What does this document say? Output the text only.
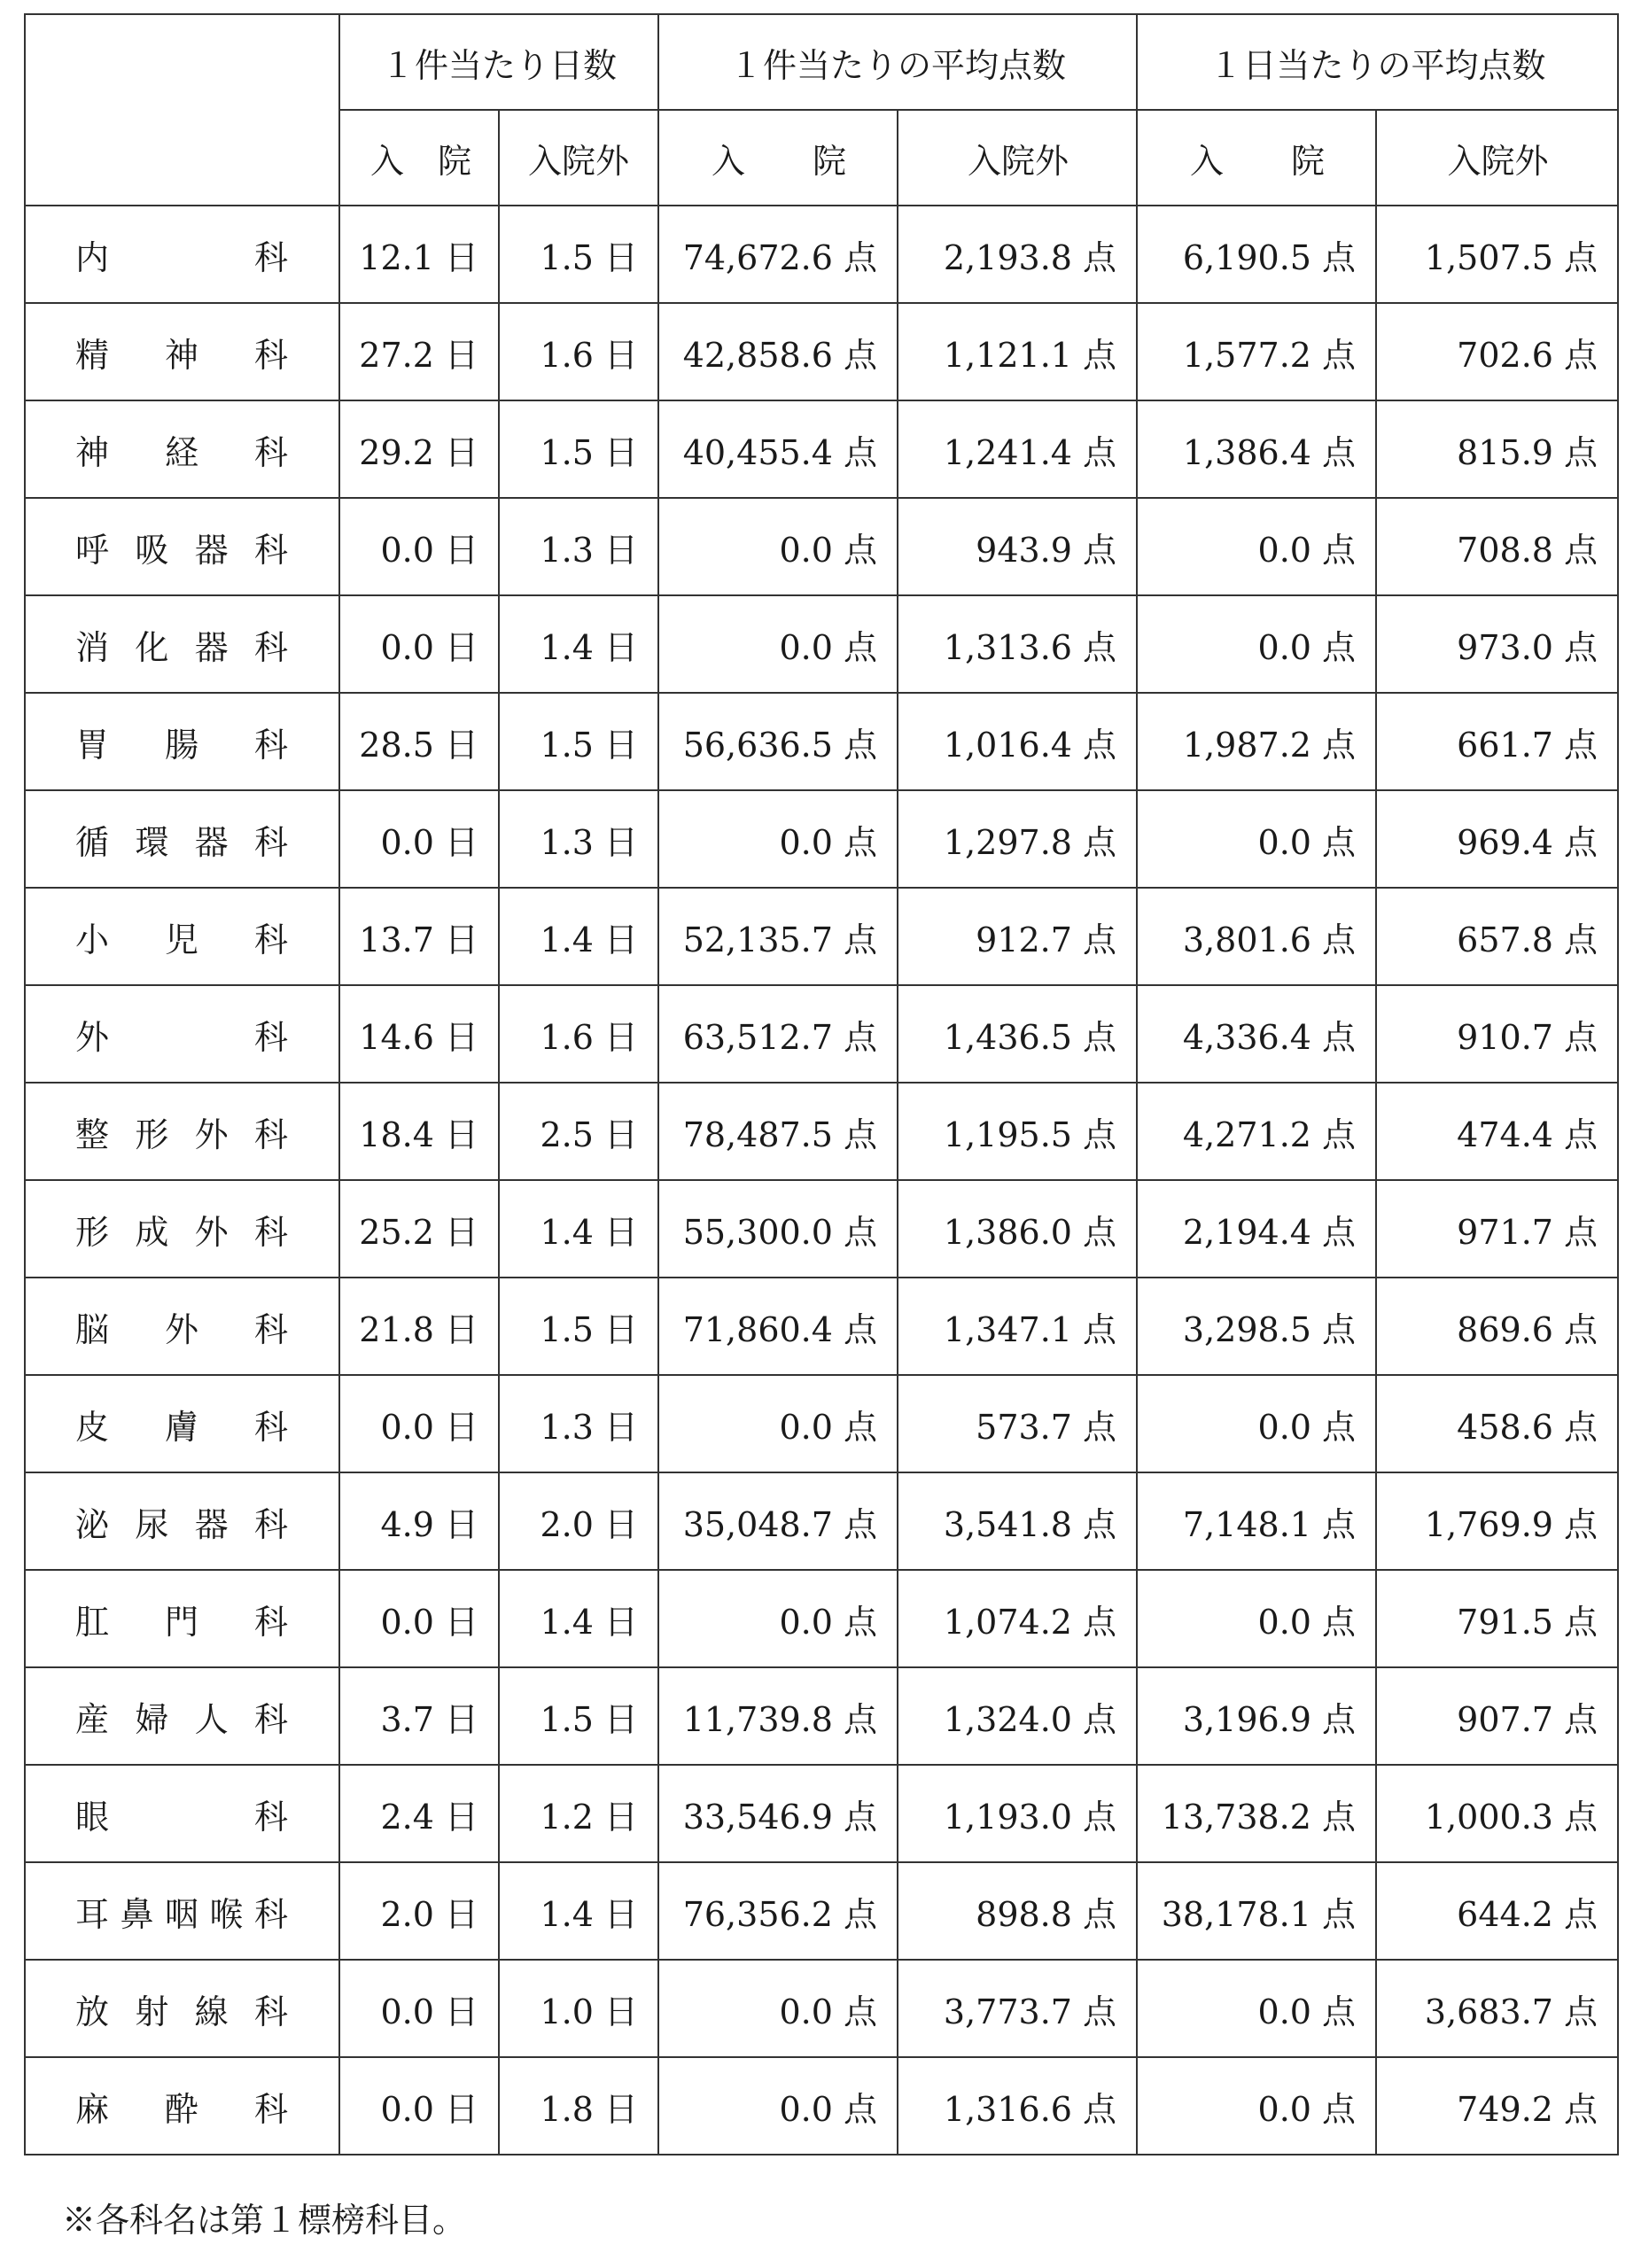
	１件当たり日数		１件当たりの平均点数		１日当たりの平均点数	
	入　院	入院外	入　　院	入院外	入　　院	入院外
内　　　科	12.1 日	1.5 日	74,672.6 点	2,193.8 点	6,190.5 点	1,507.5 点
精　神　科	27.2 日	1.6 日	42,858.6 点	1,121.1 点	1,577.2 点	702.6 点
神　経　科	29.2 日	1.5 日	40,455.4 点	1,241.4 点	1,386.4 点	815.9 点
呼吸器科	0.0 日	1.3 日	0.0 点	943.9 点	0.0 点	708.8 点
消化器科	0.0 日	1.4 日	0.0 点	1,313.6 点	0.0 点	973.0 点
胃　腸　科	28.5 日	1.5 日	56,636.5 点	1,016.4 点	1,987.2 点	661.7 点
循環器科	0.0 日	1.3 日	0.0 点	1,297.8 点	0.0 点	969.4 点
小　児　科	13.7 日	1.4 日	52,135.7 点	912.7 点	3,801.6 点	657.8 点
外　　　科	14.6 日	1.6 日	63,512.7 点	1,436.5 点	4,336.4 点	910.7 点
整形外科	18.4 日	2.5 日	78,487.5 点	1,195.5 点	4,271.2 点	474.4 点
形成外科	25.2 日	1.4 日	55,300.0 点	1,386.0 点	2,194.4 点	971.7 点
脳　外　科	21.8 日	1.5 日	71,860.4 点	1,347.1 点	3,298.5 点	869.6 点
皮　膚　科	0.0 日	1.3 日	0.0 点	573.7 点	0.0 点	458.6 点
泌尿器科	4.9 日	2.0 日	35,048.7 点	3,541.8 点	7,148.1 点	1,769.9 点
肛　門　科	0.0 日	1.4 日	0.0 点	1,074.2 点	0.0 点	791.5 点
産婦人科	3.7 日	1.5 日	11,739.8 点	1,324.0 点	3,196.9 点	907.7 点
眼　　　科	2.4 日	1.2 日	33,546.9 点	1,193.0 点	13,738.2 点	1,000.3 点
耳鼻咽喉科	2.0 日	1.4 日	76,356.2 点	898.8 点	38,178.1 点	644.2 点
放射線科	0.0 日	1.0 日	0.0 点	3,773.7 点	0.0 点	3,683.7 点
麻　酔　科	0.0 日	1.8 日	0.0 点	1,316.6 点	0.0 点	749.2 点
※各科名は第１標榜科目。
